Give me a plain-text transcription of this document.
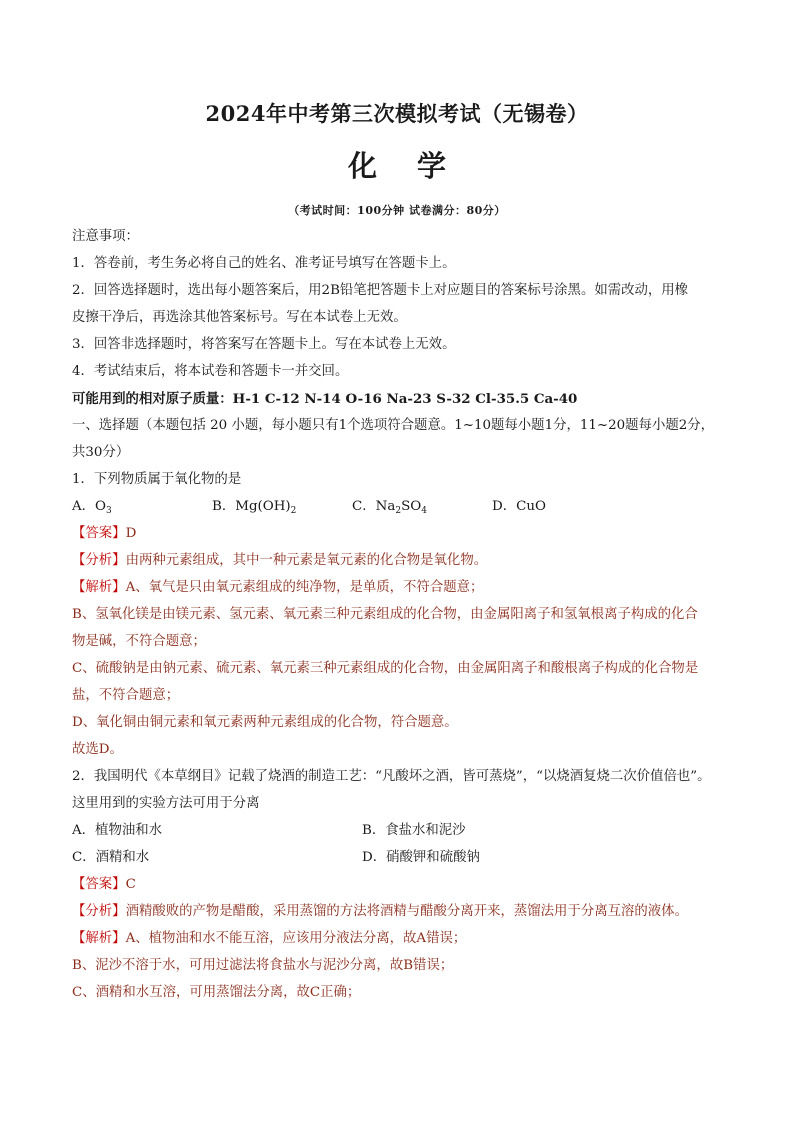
2024年中考第三次模拟考试（无锡卷）
化学
（考试时间：100分钟 试卷满分：80分）
注意事项：
1．答卷前，考生务必将自己的姓名、准考证号填写在答题卡上。
2．回答选择题时，选出每小题答案后，用2B铅笔把答题卡上对应题目的答案标号涂黑。如需改动，用橡
皮擦干净后，再选涂其他答案标号。写在本试卷上无效。
3．回答非选择题时，将答案写在答题卡上。写在本试卷上无效。
4．考试结束后，将本试卷和答题卡一并交回。
可能用到的相对原子质量：H-1 C-12 N-14 O-16 Na-23 S-32 Cl-35.5 Ca-40
一、选择题（本题包括 20 小题，每小题只有1个选项符合题意。1~10题每小题1分，11~20题每小题2分，
共30分）
1．下列物质属于氧化物的是
A．$O_3$	B．$Mg(OH)_2$	C．$Na_2SO_4$	D．CuO
【答案】D
【分析】由两种元素组成，其中一种元素是氧元素的化合物是氧化物。
【解析】A、氧气是只由氧元素组成的纯净物，是单质，不符合题意；
B、氢氧化镁是由镁元素、氢元素、氧元素三种元素组成的化合物，由金属阳离子和氢氧根离子构成的化合
物是碱，不符合题意；
C、硫酸钠是由钠元素、硫元素、氧元素三种元素组成的化合物，由金属阳离子和酸根离子构成的化合物是
盐，不符合题意；
D、氧化铜由铜元素和氧元素两种元素组成的化合物，符合题意。
故选D。
2．我国明代《本草纲目》记载了烧酒的制造工艺：“凡酸坏之酒，皆可蒸烧”，“以烧酒复烧二次价值倍也”。
这里用到的实验方法可用于分离
A．植物油和水	B．食盐水和泥沙
C．酒精和水	D．硝酸钾和硫酸钠
【答案】C
【分析】酒精酸败的产物是醋酸，采用蒸馏的方法将酒精与醋酸分离开来，蒸馏法用于分离互溶的液体。
【解析】A、植物油和水不能互溶，应该用分液法分离，故A错误；
B、泥沙不溶于水，可用过滤法将食盐水与泥沙分离，故B错误；
C、酒精和水互溶，可用蒸馏法分离，故C正确；
